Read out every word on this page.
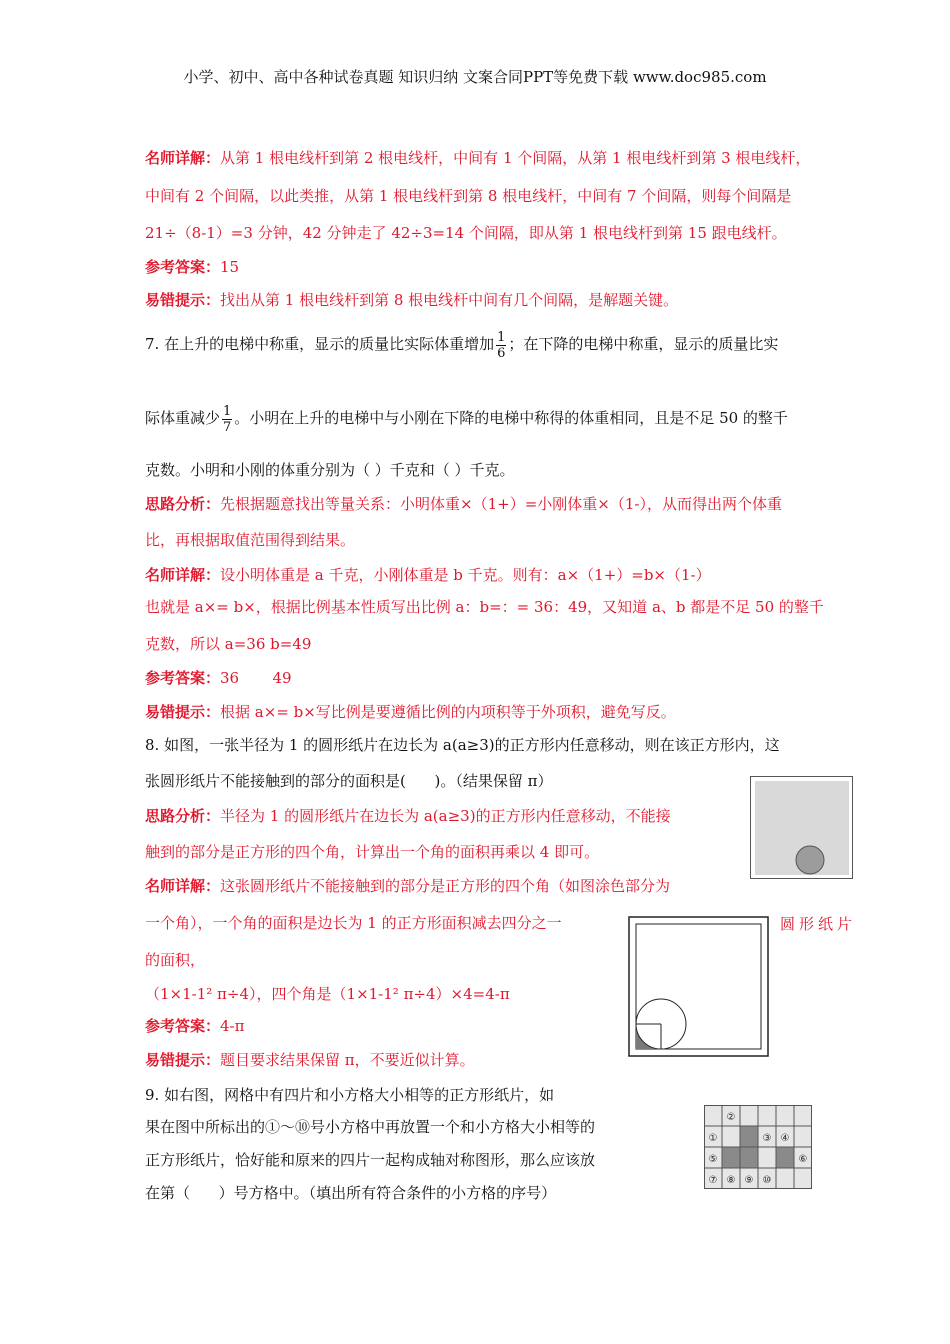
小学、初中、高中各种试卷真题 知识归纳 文案合同PPT等免费下载 www.doc985.com
名师详解：从第 1 根电线杆到第 2 根电线杆，中间有 1 个间隔，从第 1 根电线杆到第 3 根电线杆，
中间有 2 个间隔，以此类推，从第 1 根电线杆到第 8 根电线杆，中间有 7 个间隔，则每个间隔是
21÷（8-1）=3 分钟，42 分钟走了 42÷3=14 个间隔，即从第 1 根电线杆到第 15 跟电线杆。
参考答案：15
易错提示：找出从第 1 根电线杆到第 8 根电线杆中间有几个间隔，是解题关键。
7. 在上升的电梯中称重，显示的质量比实际体重增加 $\frac{1}{6}$ ；在下降的电梯中称重，显示的质量比实
际体重减少 $\frac{1}{7}$ 。小明在上升的电梯中与小刚在下降的电梯中称得的体重相同，且是不足 50 的整千
克数。小明和小刚的体重分别为（ ）千克和（ ）千克。
思路分析：先根据题意找出等量关系：小明体重×（1+）=小刚体重×（1-），从而得出两个体重
比，再根据取值范围得到结果。
名师详解：设小明体重是 a 千克，小刚体重是 b 千克。则有：a×（1+）=b×（1-）
也就是 a×= b×，根据比例基本性质写出比例 a：b=：= 36：49，又知道 a、b 都是不足 50 的整千
克数，所以 a=36 b=49
参考答案：36       49
易错提示：根据 a×= b×写比例是要遵循比例的内项积等于外项积，避免写反。
8. 如图，一张半径为 1 的圆形纸片在边长为 a(a≥3)的正方形内任意移动，则在该正方形内，这
张圆形纸片不能接触到的部分的面积是(      )。（结果保留 π）
思路分析：半径为 1 的圆形纸片在边长为 a(a≥3)的正方形内任意移动，不能接
触到的部分是正方形的四个角，计算出一个角的面积再乘以 4 即可。
名师详解：这张圆形纸片不能接触到的部分是正方形的四个角（如图涂色部分为
一个角），一个角的面积是边长为 1 的正方形面积减去四分之一	圆形纸片
的面积，
（1×1-1² π÷4），四个角是（1×1-1² π÷4）×4=4-π
参考答案：4-π
易错提示：题目要求结果保留 π，不要近似计算。
9. 如右图，网格中有四片和小方格大小相等的正方形纸片，如
果在图中所标出的①～⑩号小方格中再放置一个和小方格大小相等的
正方形纸片，恰好能和原来的四片一起构成轴对称图形，那么应该放
在第（      ）号方格中。（填出所有符合条件的小方格的序号）
②
①	③ ④
⑤	⑥
⑦ ⑧ ⑨ ⑩
